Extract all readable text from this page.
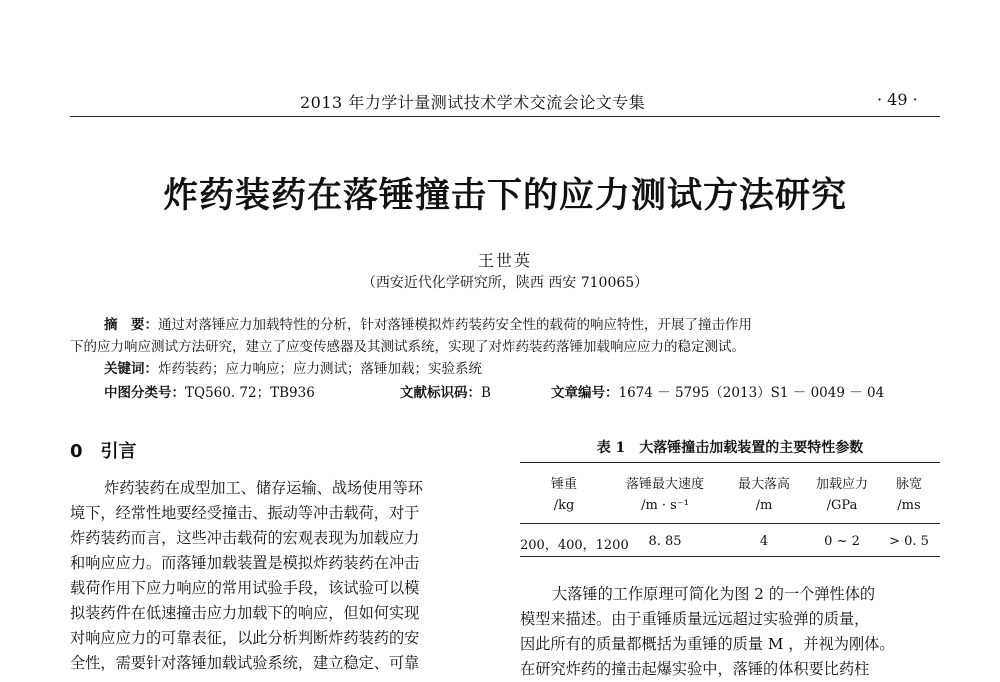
2013 年力学计量测试技术学术交流会论文专集	· 49 ·
炸药装药在落锤撞击下的应力测试方法研究
王世英
（西安近代化学研究所，陕西 西安 710065）
摘　要：通过对落锤应力加载特性的分析，针对落锤模拟炸药装药安全性的载荷的响应特性，开展了撞击作用
下的应力响应测试方法研究，建立了应变传感器及其测试系统，实现了对炸药装药落锤加载响应应力的稳定测试。
关键词：炸药装药；应力响应；应力测试；落锤加载；实验系统
中图分类号：TQ560. 72；TB936	文献标识码：B	文章编号：1674 － 5795（2013）S1 － 0049 － 04
0 引言
炸药装药在成型加工、储存运输、战场使用等环
境下，经常性地要经受撞击、振动等冲击载荷，对于
炸药装药而言，这些冲击载荷的宏观表现为加载应力
和响应应力。而落锤加载装置是模拟炸药装药在冲击
载荷作用下应力响应的常用试验手段，该试验可以模
拟装药件在低速撞击应力加载下的响应，但如何实现
对响应应力的可靠表征，以此分析判断炸药装药的安
全性，需要针对落锤加载试验系统，建立稳定、可靠
表 1　大落锤撞击加载装置的主要特性参数
锤重	落锤最大速度	最大落高	加载应力	脉宽
/kg	/m · s⁻¹	/m	/GPa	/ms
200，400，1200	8. 85	4	0 ~ 2	> 0. 5
大落锤的工作原理可简化为图 2 的一个弹性体的
模型来描述。由于重锤质量远远超过实验弹的质量，
因此所有的质量都概括为重锤的质量 M ，并视为刚体。
在研究炸药的撞击起爆实验中，落锤的体积要比药柱
